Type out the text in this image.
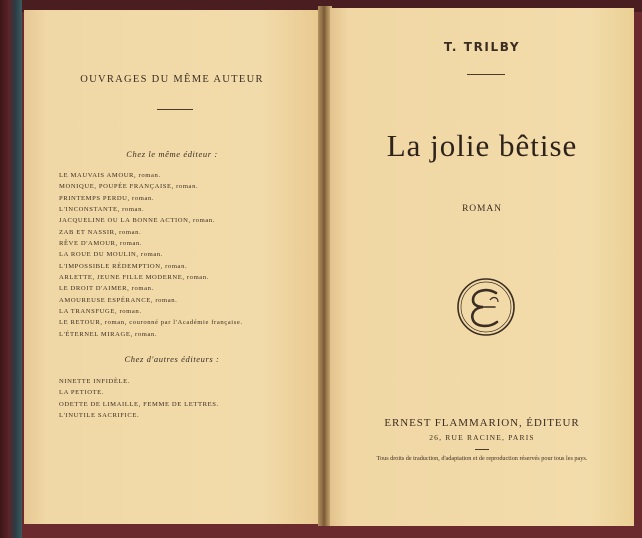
OUVRAGES DU MÊME AUTEUR
Chez le même éditeur :
LE MAUVAIS AMOUR, roman.
MONIQUE, POUPÉE FRANÇAISE, roman.
PRINTEMPS PERDU, roman.
L'INCONSTANTE, roman.
JACQUELINE OU LA BONNE ACTION, roman.
ZAB ET NASSIR, roman.
RÊVE D'AMOUR, roman.
LA ROUE DU MOULIN, roman.
L'IMPOSSIBLE RÉDEMPTION, roman.
ARLETTE, JEUNE FILLE MODERNE, roman.
LE DROIT D'AIMER, roman.
AMOUREUSE ESPÉRANCE, roman.
LA TRANSFUGE, roman.
LE RETOUR, roman, couronné par l'Académie française.
L'ÉTERNEL MIRAGE, roman.
Chez d'autres éditeurs :
NINETTE INFIDÈLE.
LA PETIOTE.
ODETTE DE LIMAILLE, FEMME DE LETTRES.
L'INUTILE SACRIFICE.
T. TRILBY
La jolie bêtise
ROMAN
ERNEST FLAMMARION, ÉDITEUR
26, RUE RACINE, PARIS
Tous droits de traduction, d'adaptation et de reproduction réservés pour tous les pays.
